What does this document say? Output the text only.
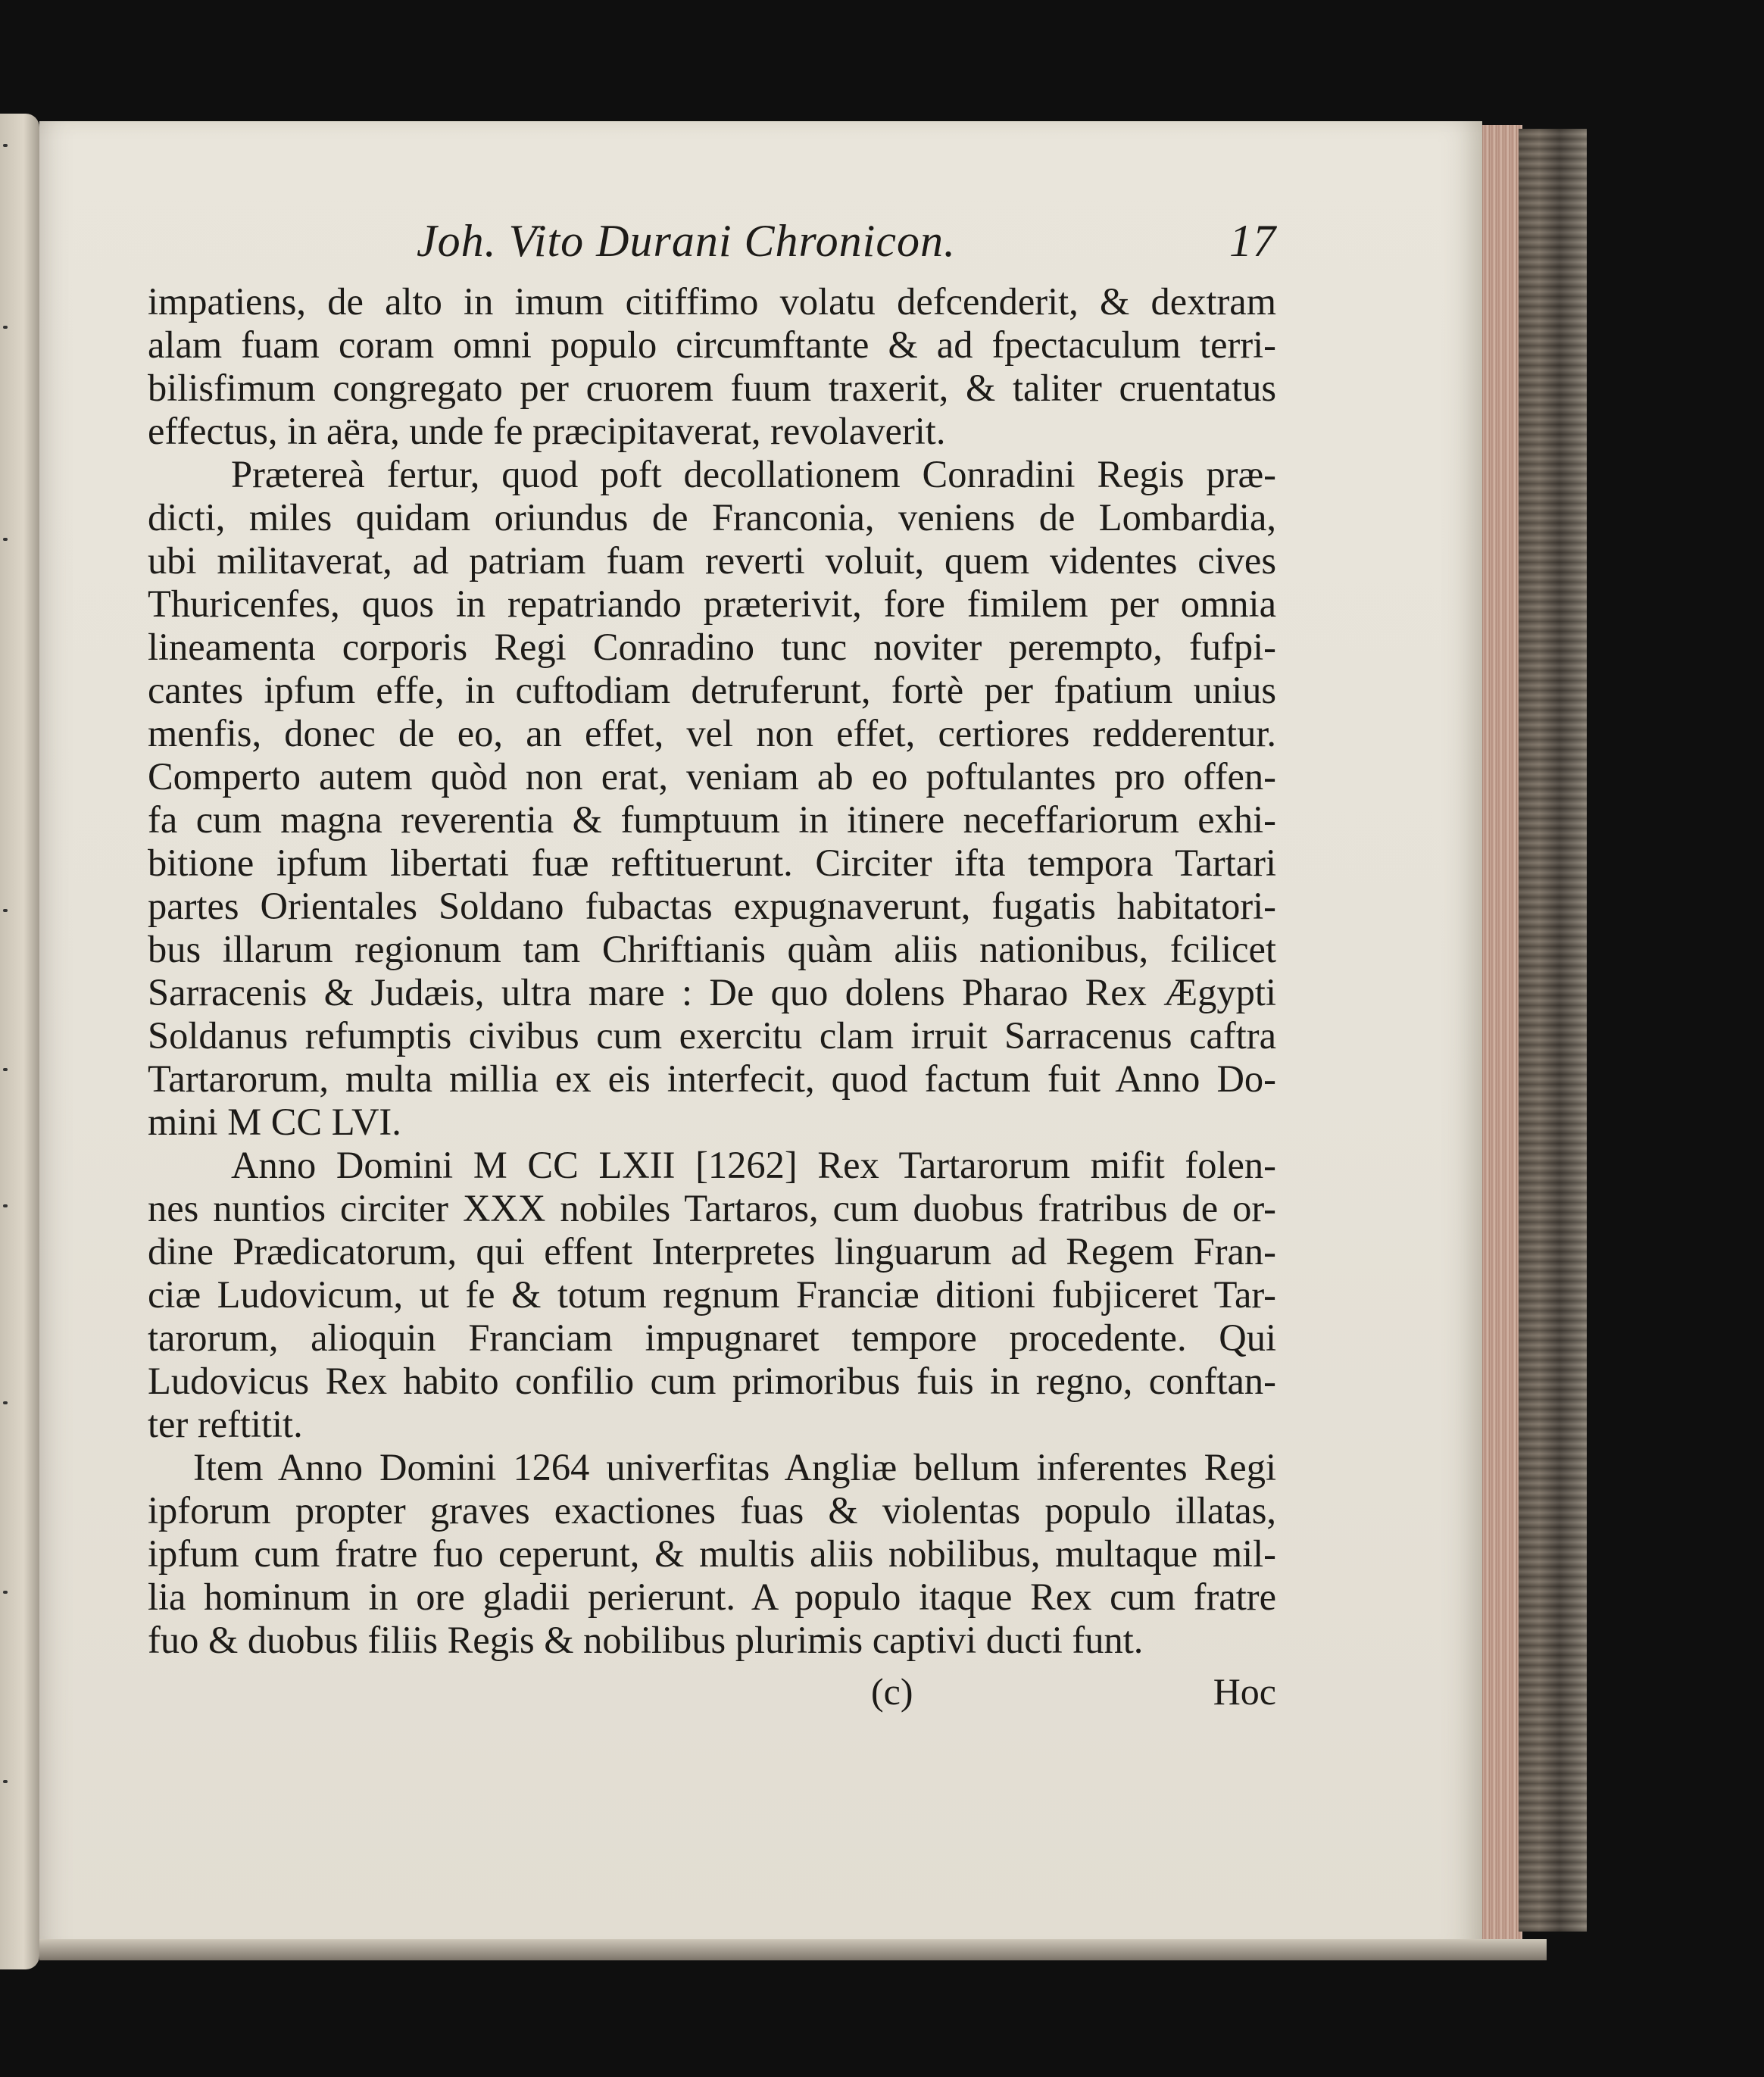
Joh. Vito Durani Chronicon.	17
impatiens, de alto in imum citiffimo volatu defcenderit, & dextram
alam fuam coram omni populo circumftante & ad fpectaculum terri-
bilisfimum congregato per cruorem fuum traxerit, & taliter cruentatus
effectus, in aëra, unde fe præcipitaverat, revolaverit.
Prætereà fertur, quod poft decollationem Conradini Regis præ-
dicti, miles quidam oriundus de Franconia, veniens de Lombardia,
ubi militaverat, ad patriam fuam reverti voluit, quem videntes cives
Thuricenfes, quos in repatriando præterivit, fore fimilem per omnia
lineamenta corporis Regi Conradino tunc noviter perempto, fufpi-
cantes ipfum effe, in cuftodiam detruferunt, fortè per fpatium unius
menfis, donec de eo, an effet, vel non effet, certiores redderentur.
Comperto autem quòd non erat, veniam ab eo poftulantes pro offen-
fa cum magna reverentia & fumptuum in itinere neceffariorum exhi-
bitione ipfum libertati fuæ reftituerunt. Circiter ifta tempora Tartari
partes Orientales Soldano fubactas expugnaverunt, fugatis habitatori-
bus illarum regionum tam Chriftianis quàm aliis nationibus, fcilicet
Sarracenis & Judæis, ultra mare : De quo dolens Pharao Rex Ægypti
Soldanus refumptis civibus cum exercitu clam irruit Sarracenus caftra
Tartarorum, multa millia ex eis interfecit, quod factum fuit Anno Do-
mini M CC LVI.
Anno Domini M CC LXII [1262] Rex Tartarorum mifit folen-
nes nuntios circiter XXX nobiles Tartaros, cum duobus fratribus de or-
dine Prædicatorum, qui effent Interpretes linguarum ad Regem Fran-
ciæ Ludovicum, ut fe & totum regnum Franciæ ditioni fubjiceret Tar-
tarorum, alioquin Franciam impugnaret tempore procedente. Qui
Ludovicus Rex habito confilio cum primoribus fuis in regno, conftan-
ter reftitit.
Item Anno Domini 1264 univerfitas Angliæ bellum inferentes Regi
ipforum propter graves exactiones fuas & violentas populo illatas,
ipfum cum fratre fuo ceperunt, & multis aliis nobilibus, multaque mil-
lia hominum in ore gladii perierunt. A populo itaque Rex cum fratre
fuo & duobus filiis Regis & nobilibus plurimis captivi ducti funt.
(c)	Hoc
